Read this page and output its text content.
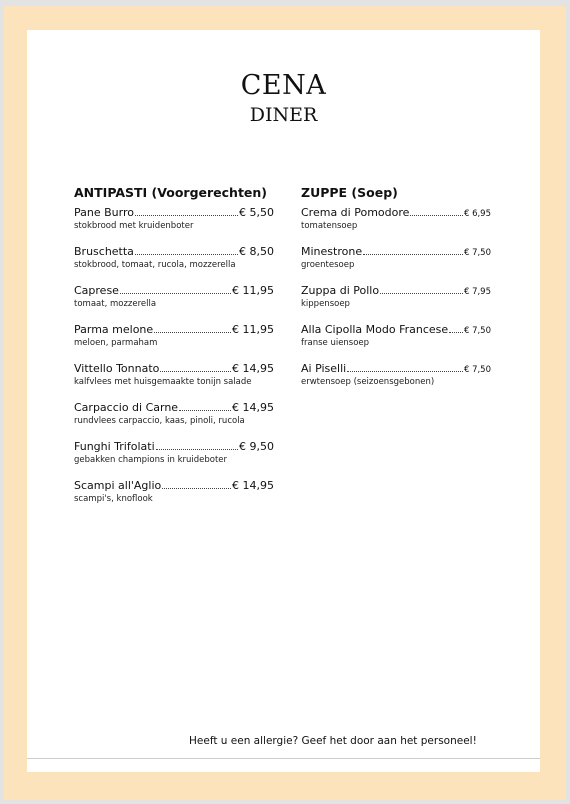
CENA
DINER
ANTIPASTI (Voorgerechten)	ZUPPE (Soep)
Pane Burro	€ 5,50
stokbrood met kruidenboter
Bruschetta	€ 8,50
stokbrood, tomaat, rucola, mozzerella
Caprese	€ 11,95
tomaat, mozzerella
Parma melone	€ 11,95
meloen, parmaham
Vittello Tonnato	€ 14,95
kalfvlees met huisgemaakte tonijn salade
Carpaccio di Carne	€ 14,95
rundvlees carpaccio, kaas, pinoli, rucola
Funghi Trifolati	€ 9,50
gebakken champions in kruideboter
Scampi all'Aglio	€ 14,95
scampi's, knoflook
Crema di Pomodore	€ 6,95
tomatensoep
Minestrone	€ 7,50
groentesoep
Zuppa di Pollo	€ 7,95
kippensoep
Alla Cipolla Modo Francese € 7,50
franse uiensoep
Ai Piselli	€ 7,50
erwtensoep (seizoensgebonen)
Heeft u een allergie? Geef het door aan het personeel!
